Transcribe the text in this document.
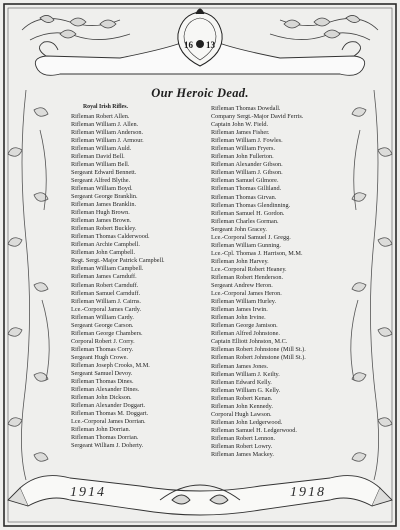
16 13
Our Heroic Dead.
Royal Irish Rifles.
Rifleman Robert Allen.
Rifleman William J. Allen.
Rifleman William Anderson.
Rifleman William J. Armour.
Rifleman William Auld.
Rifleman David Bell.
Rifleman William Bell.
Sergeant Edward Bennett.
Sergeant Alfred Blythe.
Rifleman William Boyd.
Sergeant George Branklin.
Rifleman James Branklin.
Rifleman Hugh Brown.
Rifleman James Brown.
Rifleman Robert Buckley.
Rifleman Thomas Calderwood.
Rifleman Archie Campbell.
Rifleman John Campbell.
Regt. Sergt.-Major Patrick Campbell.
Rifleman William Campbell.
Rifleman James Carnduff.
Rifleman Robert Carnduff.
Rifleman Samuel Carnduff.
Rifleman William J. Cairns.
Lce.-Corporal James Cardy.
Rifleman William Cardy.
Sergeant George Carson.
Rifleman George Chambers.
Corporal Robert J. Corry.
Rifleman Thomas Corry.
Sergeant Hugh Crowe.
Rifleman Joseph Crooks, M.M.
Sergeant Samuel Devoy.
Rifleman Thomas Dines.
Rifleman Alexander Dines.
Rifleman John Dickson.
Rifleman Alexander Doggart.
Rifleman Thomas M. Doggart.
Lce.-Corporal James Dorrian.
Rifleman John Dorrian.
Rifleman Thomas Dorrian.
Sergeant William J. Doherty.
Rifleman Thomas Dowdall.
Company Sergt.-Major David Ferris.
Captain John W. Field.
Rifleman James Fisher.
Rifleman William J. Fowles.
Rifleman William Fryers.
Rifleman John Fullerton.
Rifleman Alexander Gibson.
Rifleman William J. Gibson.
Rifleman Samuel Gilmore.
Rifleman Thomas Gilliland.
Rifleman Thomas Girvan.
Rifleman Thomas Glendinning.
Rifleman Samuel H. Gordon.
Rifleman Charles Gorman.
Sergeant John Gracey.
Lce.-Corporal Samuel J. Gregg.
Rifleman William Gunning.
Lce.-Cpl. Thomas J. Harrison, M.M.
Rifleman John Harvey.
Lce.-Corporal Robert Heaney.
Rifleman Robert Henderson.
Sergeant Andrew Heron.
Lce.-Corporal James Heron.
Rifleman William Hurley.
Rifleman James Irwin.
Rifleman John Irvine.
Rifleman George Jamison.
Rifleman Alfred Johnstone.
Captain Elliott Johnston, M.C.
Rifleman Robert Johnstone (Mill St.).
Rifleman Robert Johnstone (Mill St.).
Rifleman James Jones.
Rifleman William J. Keilty.
Rifleman Edward Kelly.
Rifleman William G. Kelly.
Rifleman Robert Kenan.
Rifleman John Kennedy.
Corporal Hugh Lawson.
Rifleman John Ledgerwood.
Rifleman Samuel H. Ledgerwood.
Rifleman Robert Lennon.
Rifleman Robert Lowry.
Rifleman James Mackey.
1914	1918
